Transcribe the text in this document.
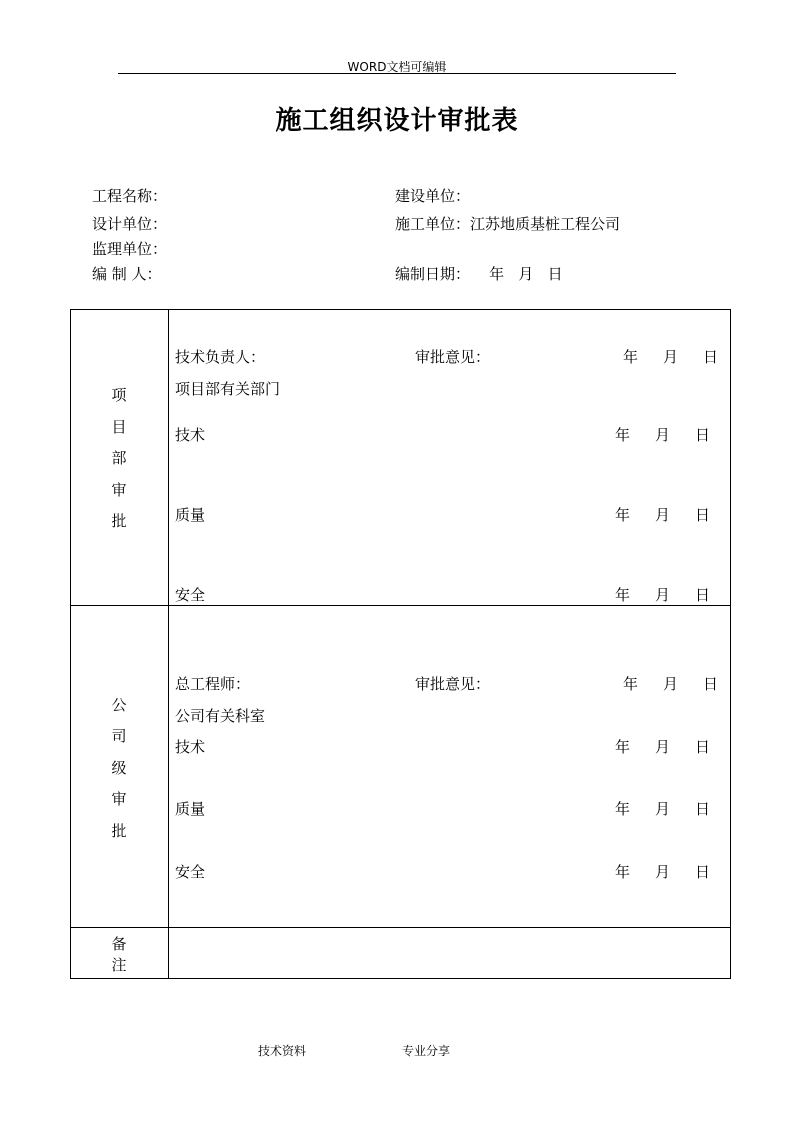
WORD文档可编辑
施工组织设计审批表
工程名称：	建设单位：
设计单位：	施工单位：江苏地质基桩工程公司
监理单位：
编 制 人：	编制日期：    年   月   日
项
目
部
审
批
技术负责人：	审批意见：	年 月 日
项目部有关部门
技术	年 月 日
质量	年 月 日
安全	年 月 日
公
司
级
审
批
总工程师：	审批意见：	年 月 日
公司有关科室
技术	年 月 日
质量	年 月 日
安全	年 月 日
备
注
技术资料	专业分享
